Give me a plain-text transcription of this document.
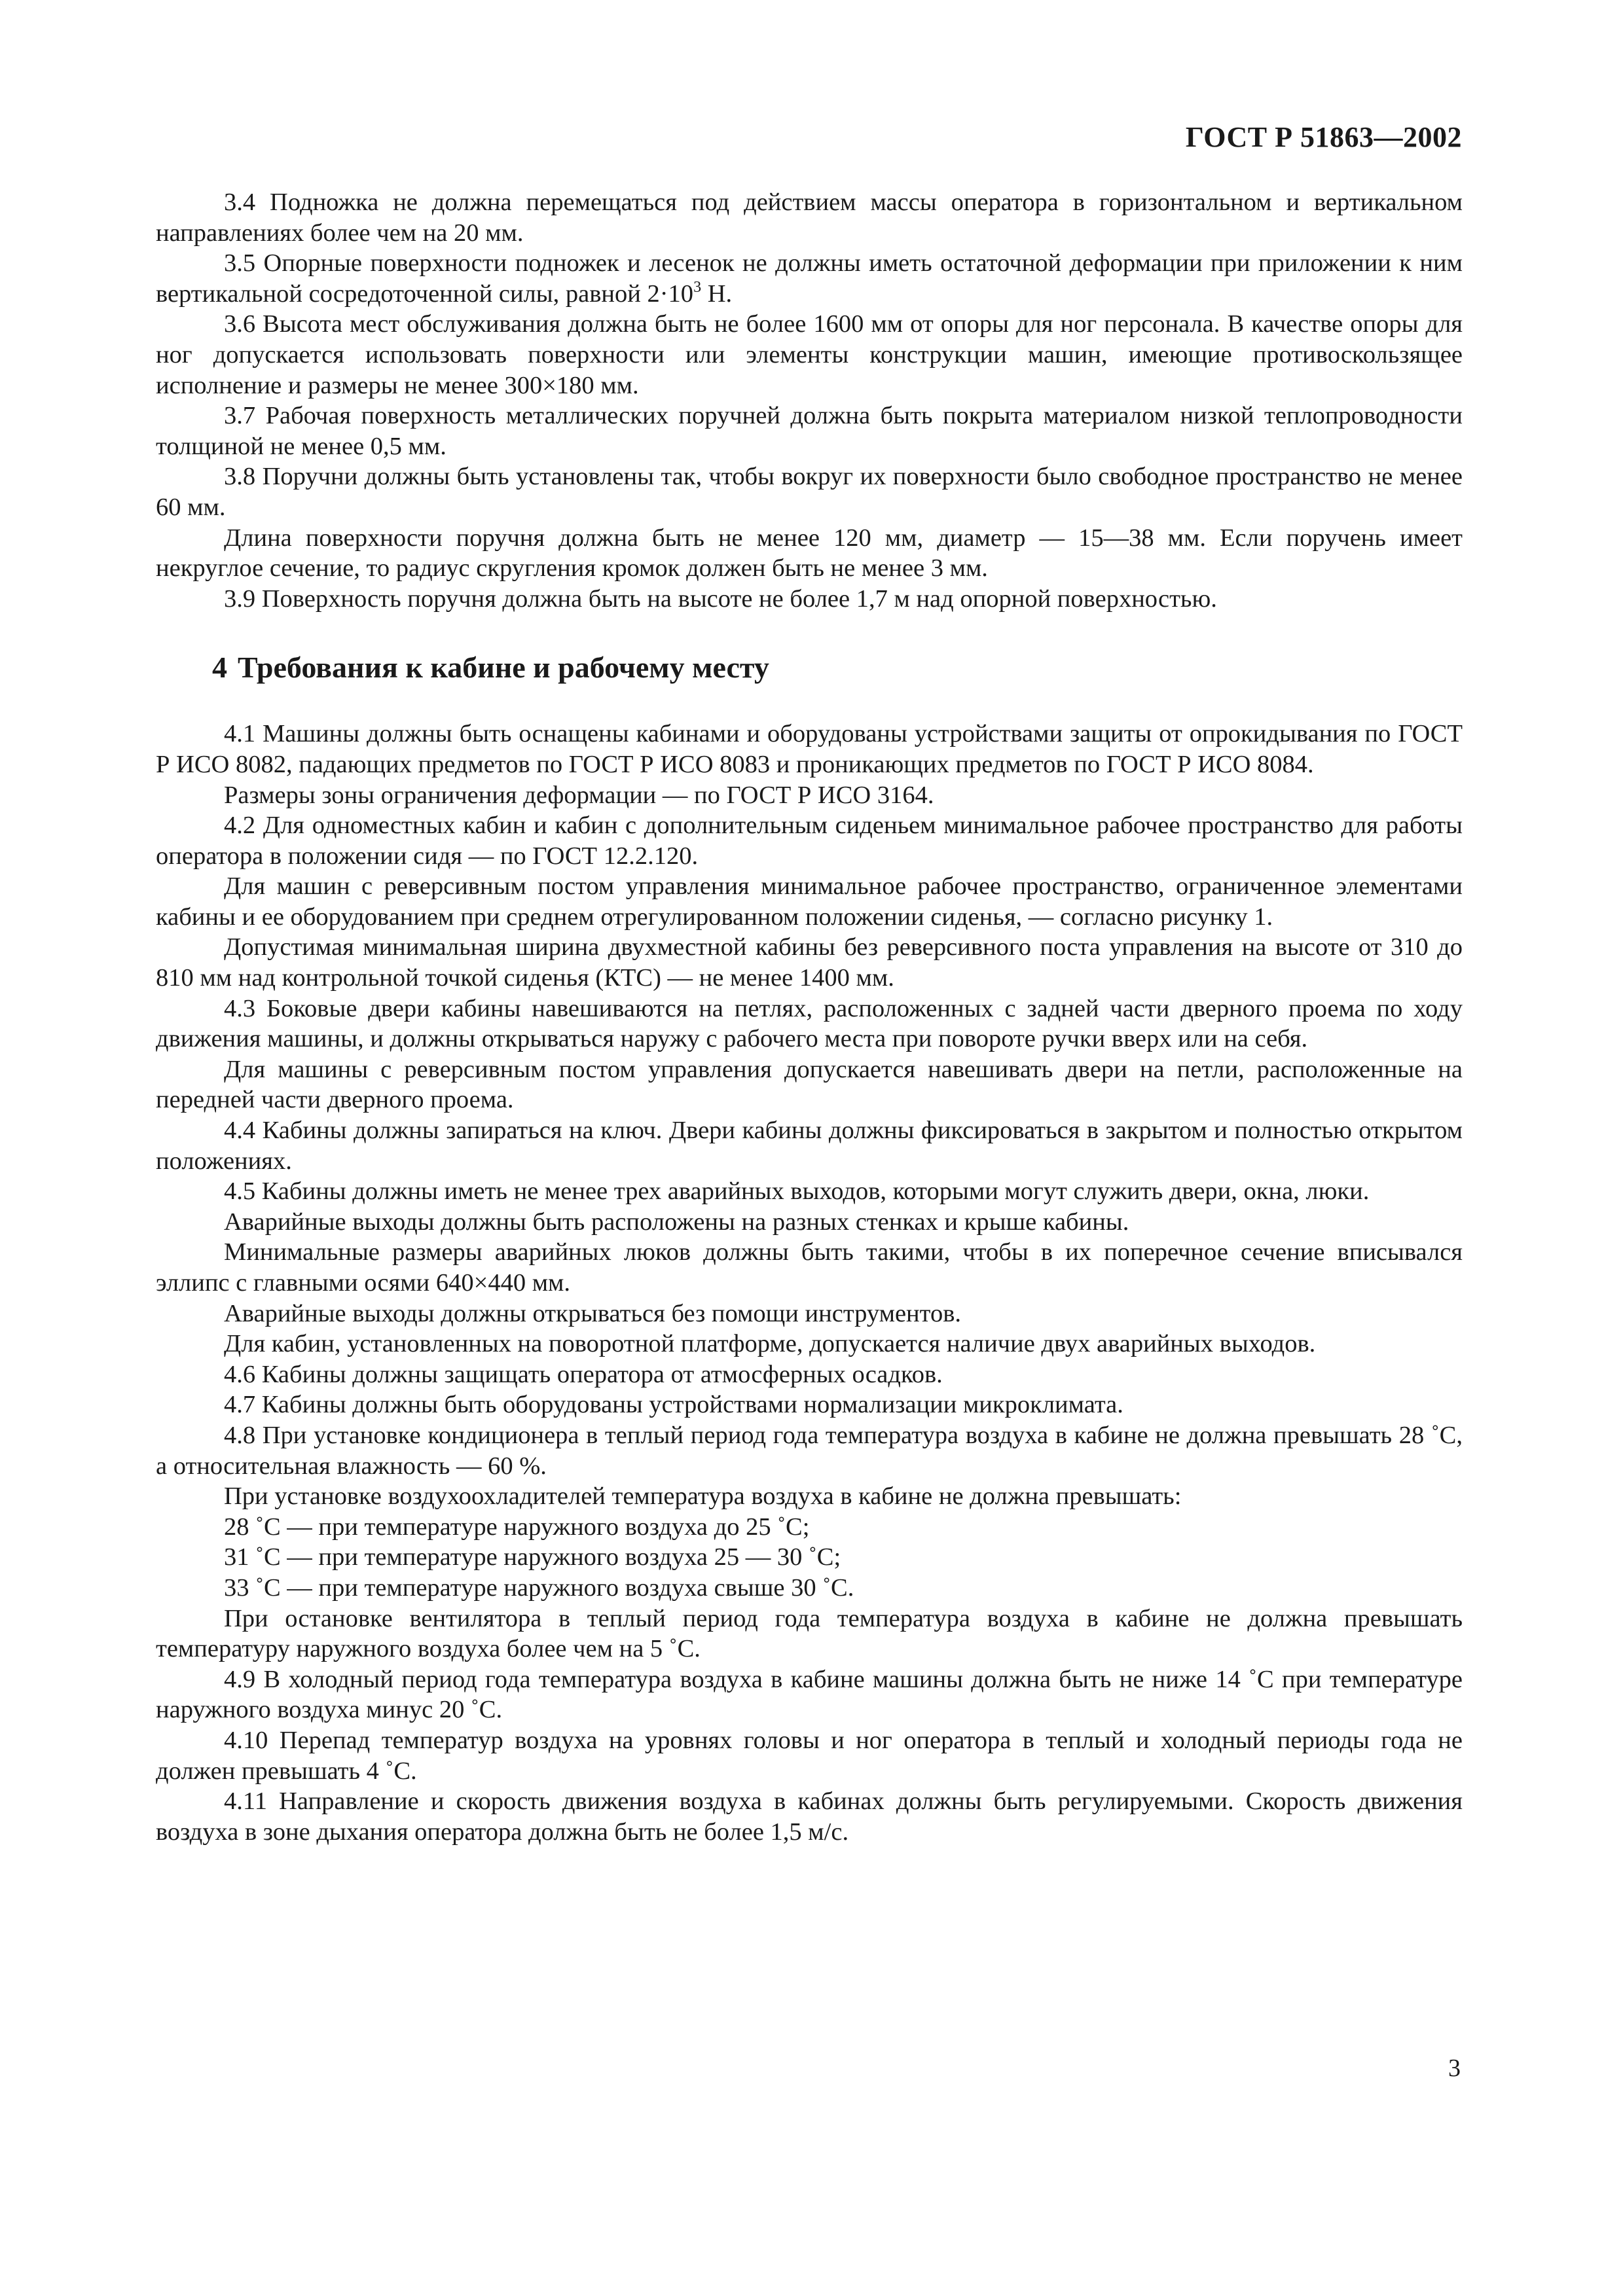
ГОСТ Р 51863—2002

3.4 Подножка не должна перемещаться под действием массы оператора в горизонтальном и вертикальном направлениях более чем на 20 мм.

3.5 Опорные поверхности подножек и лесенок не должны иметь остаточной деформации при приложении к ним вертикальной сосредоточенной силы, равной $2\cdot 10^3$ Н.

3.6 Высота мест обслуживания должна быть не более 1600 мм от опоры для ног персонала. В качестве опоры для ног допускается использовать поверхности или элементы конструкции машин, имеющие противоскользящее исполнение и размеры не менее 300×180 мм.

3.7 Рабочая поверхность металлических поручней должна быть покрыта материалом низкой теплопроводности толщиной не менее 0,5 мм.

3.8 Поручни должны быть установлены так, чтобы вокруг их поверхности было свободное пространство не менее 60 мм.

Длина поверхности поручня должна быть не менее 120 мм, диаметр — 15—38 мм. Если поручень имеет некруглое сечение, то радиус скругления кромок должен быть не менее 3 мм.

3.9 Поверхность поручня должна быть на высоте не более 1,7 м над опорной поверхностью.

4 Требования к кабине и рабочему месту

4.1 Машины должны быть оснащены кабинами и оборудованы устройствами защиты от опрокидывания по ГОСТ Р ИСО 8082, падающих предметов по ГОСТ Р ИСО 8083 и проникающих предметов по ГОСТ Р ИСО 8084.

Размеры зоны ограничения деформации — по ГОСТ Р ИСО 3164.

4.2 Для одноместных кабин и кабин с дополнительным сиденьем минимальное рабочее пространство для работы оператора в положении сидя — по ГОСТ 12.2.120.

Для машин с реверсивным постом управления минимальное рабочее пространство, ограниченное элементами кабины и ее оборудованием при среднем отрегулированном положении сиденья, — согласно рисунку 1.

Допустимая минимальная ширина двухместной кабины без реверсивного поста управления на высоте от 310 до 810 мм над контрольной точкой сиденья (КТС) — не менее 1400 мм.

4.3 Боковые двери кабины навешиваются на петлях, расположенных с задней части дверного проема по ходу движения машины, и должны открываться наружу с рабочего места при повороте ручки вверх или на себя.

Для машины с реверсивным постом управления допускается навешивать двери на петли, расположенные на передней части дверного проема.

4.4 Кабины должны запираться на ключ. Двери кабины должны фиксироваться в закрытом и полностью открытом положениях.

4.5 Кабины должны иметь не менее трех аварийных выходов, которыми могут служить двери, окна, люки.

Аварийные выходы должны быть расположены на разных стенках и крыше кабины.

Минимальные размеры аварийных люков должны быть такими, чтобы в их поперечное сечение вписывался эллипс с главными осями 640×440 мм.

Аварийные выходы должны открываться без помощи инструментов.

Для кабин, установленных на поворотной платформе, допускается наличие двух аварийных выходов.

4.6 Кабины должны защищать оператора от атмосферных осадков.

4.7 Кабины должны быть оборудованы устройствами нормализации микроклимата.

4.8 При установке кондиционера в теплый период года температура воздуха в кабине не должна превышать 28 ˚С, а относительная влажность — 60 %.

При установке воздухоохладителей температура воздуха в кабине не должна превышать:

28 ˚С — при температуре наружного воздуха до 25 ˚С;

31 ˚С — при температуре наружного воздуха 25 — 30 ˚С;

33 ˚С — при температуре наружного воздуха свыше 30 ˚С.

При остановке вентилятора в теплый период года температура воздуха в кабине не должна превышать температуру наружного воздуха более чем на 5 ˚С.

4.9 В холодный период года температура воздуха в кабине машины должна быть не ниже 14 ˚С при температуре наружного воздуха минус 20 ˚С.

4.10 Перепад температур воздуха на уровнях головы и ног оператора в теплый и холодный периоды года не должен превышать 4 ˚С.

4.11 Направление и скорость движения воздуха в кабинах должны быть регулируемыми. Скорость движения воздуха в зоне дыхания оператора должна быть не более 1,5 м/с.

3
